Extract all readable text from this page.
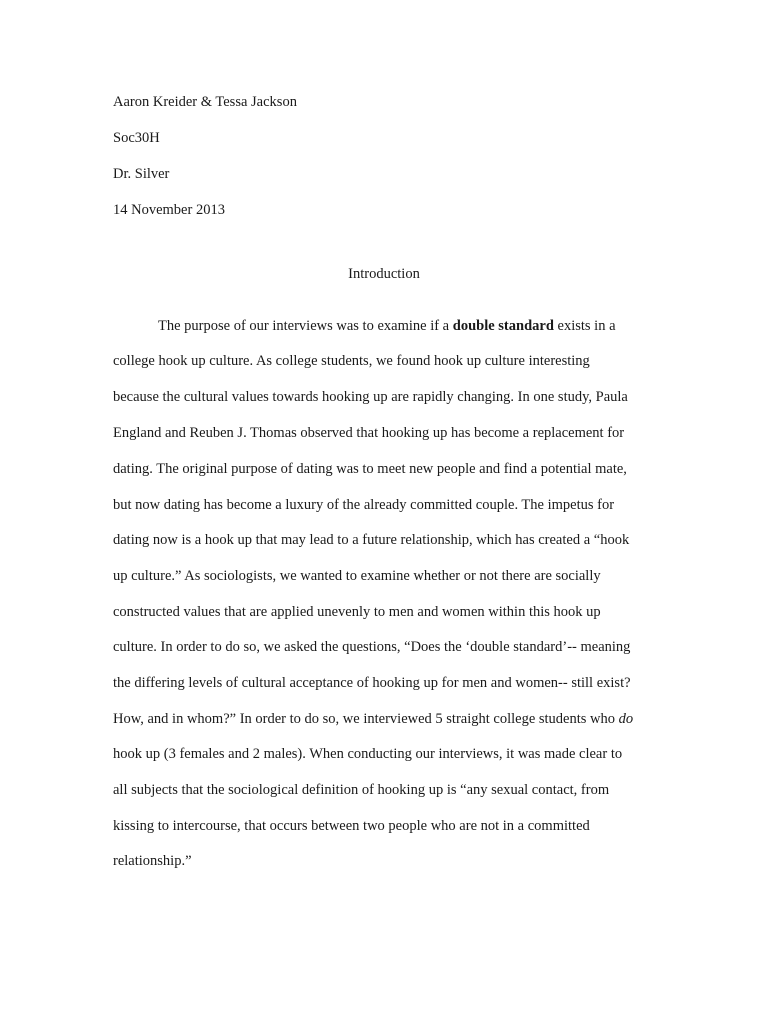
Aaron Kreider & Tessa Jackson
Soc30H
Dr. Silver
14 November 2013
Introduction
The purpose of our interviews was to examine if a double standard exists in a
college hook up culture. As college students, we found hook up culture interesting
because the cultural values towards hooking up are rapidly changing. In one study, Paula
England and Reuben J. Thomas observed that hooking up has become a replacement for
dating. The original purpose of dating was to meet new people and find a potential mate,
but now dating has become a luxury of the already committed couple. The impetus for
dating now is a hook up that may lead to a future relationship, which has created a “hook
up culture.” As sociologists, we wanted to examine whether or not there are socially
constructed values that are applied unevenly to men and women within this hook up
culture. In order to do so, we asked the questions, “Does the ‘double standard’-- meaning
the differing levels of cultural acceptance of hooking up for men and women-- still exist?
How, and in whom?” In order to do so, we interviewed 5 straight college students who do
hook up (3 females and 2 males). When conducting our interviews, it was made clear to
all subjects that the sociological definition of hooking up is “any sexual contact, from
kissing to intercourse, that occurs between two people who are not in a committed
relationship.”
